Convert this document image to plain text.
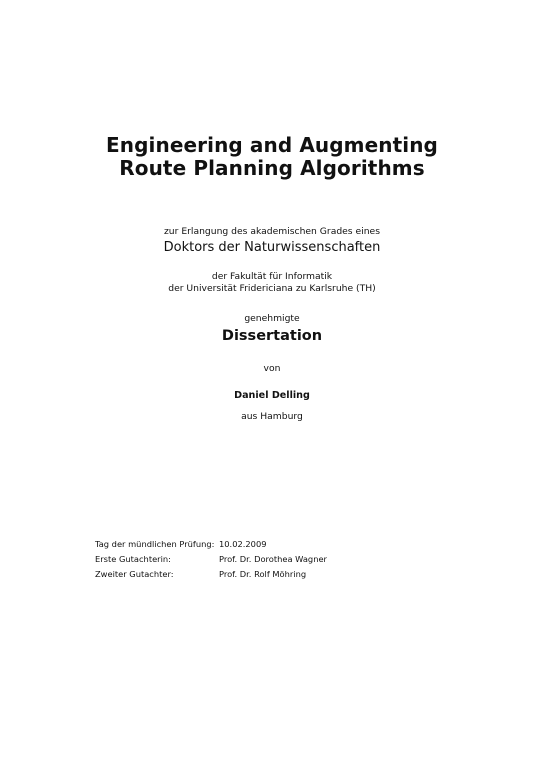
Engineering and Augmenting
Route Planning Algorithms
zur Erlangung des akademischen Grades eines
Doktors der Naturwissenschaften
der Fakultät für Informatik
der Universität Fridericiana zu Karlsruhe (TH)
genehmigte
Dissertation
von
Daniel Delling
aus Hamburg
Tag der mündlichen Prüfung: 10.02.2009
Erste Gutachterin:	Prof. Dr. Dorothea Wagner
Zweiter Gutachter:	Prof. Dr. Rolf Möhring
